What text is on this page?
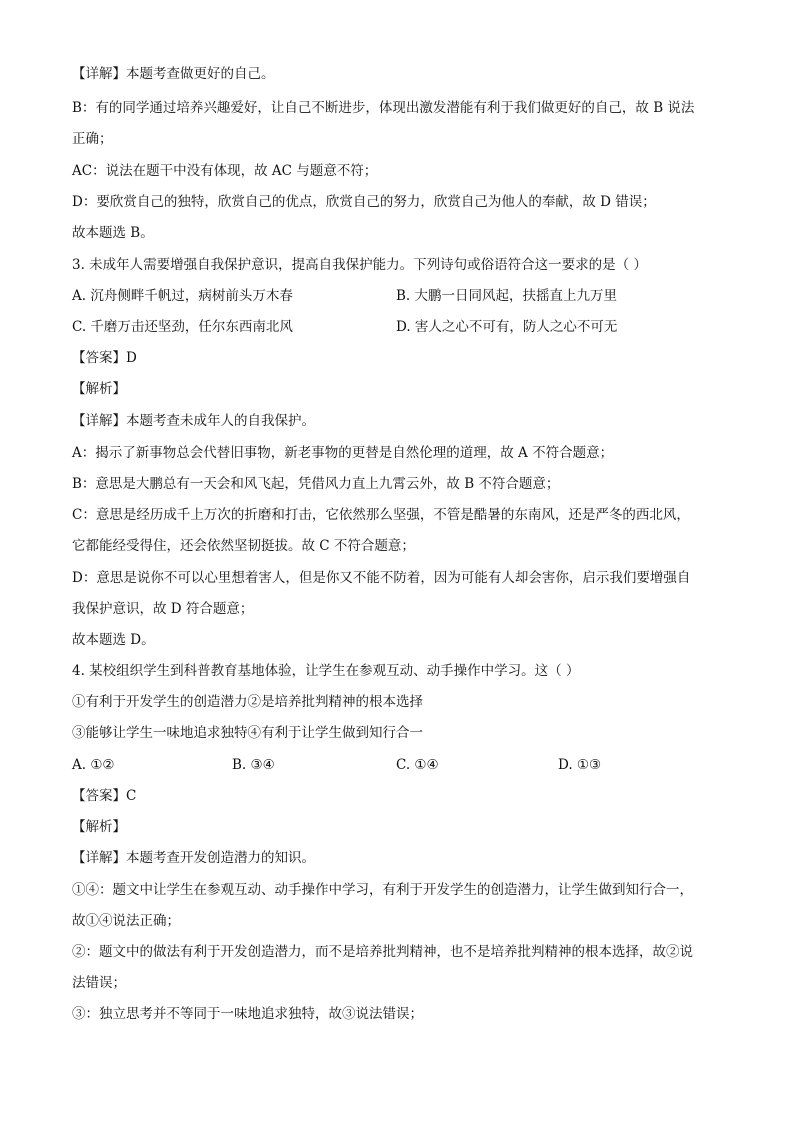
【详解】本题考查做更好的自己。
B：有的同学通过培养兴趣爱好，让自己不断进步，体现出激发潜能有利于我们做更好的自己，故 B 说法
正确；
AC：说法在题干中没有体现，故 AC 与题意不符；
D：要欣赏自己的独特，欣赏自己的优点，欣赏自己的努力，欣赏自己为他人的奉献，故 D 错误；
故本题选 B。
3. 未成年人需要增强自我保护意识，提高自我保护能力。下列诗句或俗语符合这一要求的是（ ）
A. 沉舟侧畔千帆过，病树前头万木春	B. 大鹏一日同风起，扶摇直上九万里
C. 千磨万击还坚劲，任尔东西南北风	D. 害人之心不可有，防人之心不可无
【答案】D
【解析】
【详解】本题考查未成年人的自我保护。
A：揭示了新事物总会代替旧事物，新老事物的更替是自然伦理的道理，故 A 不符合题意；
B：意思是大鹏总有一天会和风飞起，凭借风力直上九霄云外，故 B 不符合题意；
C：意思是经历成千上万次的折磨和打击，它依然那么坚强，不管是酷暑的东南风，还是严冬的西北风，
它都能经受得住，还会依然坚韧挺拔。故 C 不符合题意；
D：意思是说你不可以心里想着害人，但是你又不能不防着，因为可能有人却会害你，启示我们要增强自
我保护意识，故 D 符合题意；
故本题选 D。
4. 某校组织学生到科普教育基地体验，让学生在参观互动、动手操作中学习。这（ ）
①有利于开发学生的创造潜力②是培养批判精神的根本选择
③能够让学生一味地追求独特④有利于让学生做到知行合一
A. ①②	B. ③④	C. ①④	D. ①③
【答案】C
【解析】
【详解】本题考查开发创造潜力的知识。
①④：题文中让学生在参观互动、动手操作中学习，有利于开发学生的创造潜力，让学生做到知行合一，
故①④说法正确；
②：题文中的做法有利于开发创造潜力，而不是培养批判精神，也不是培养批判精神的根本选择，故②说
法错误；
③：独立思考并不等同于一味地追求独特，故③说法错误；
